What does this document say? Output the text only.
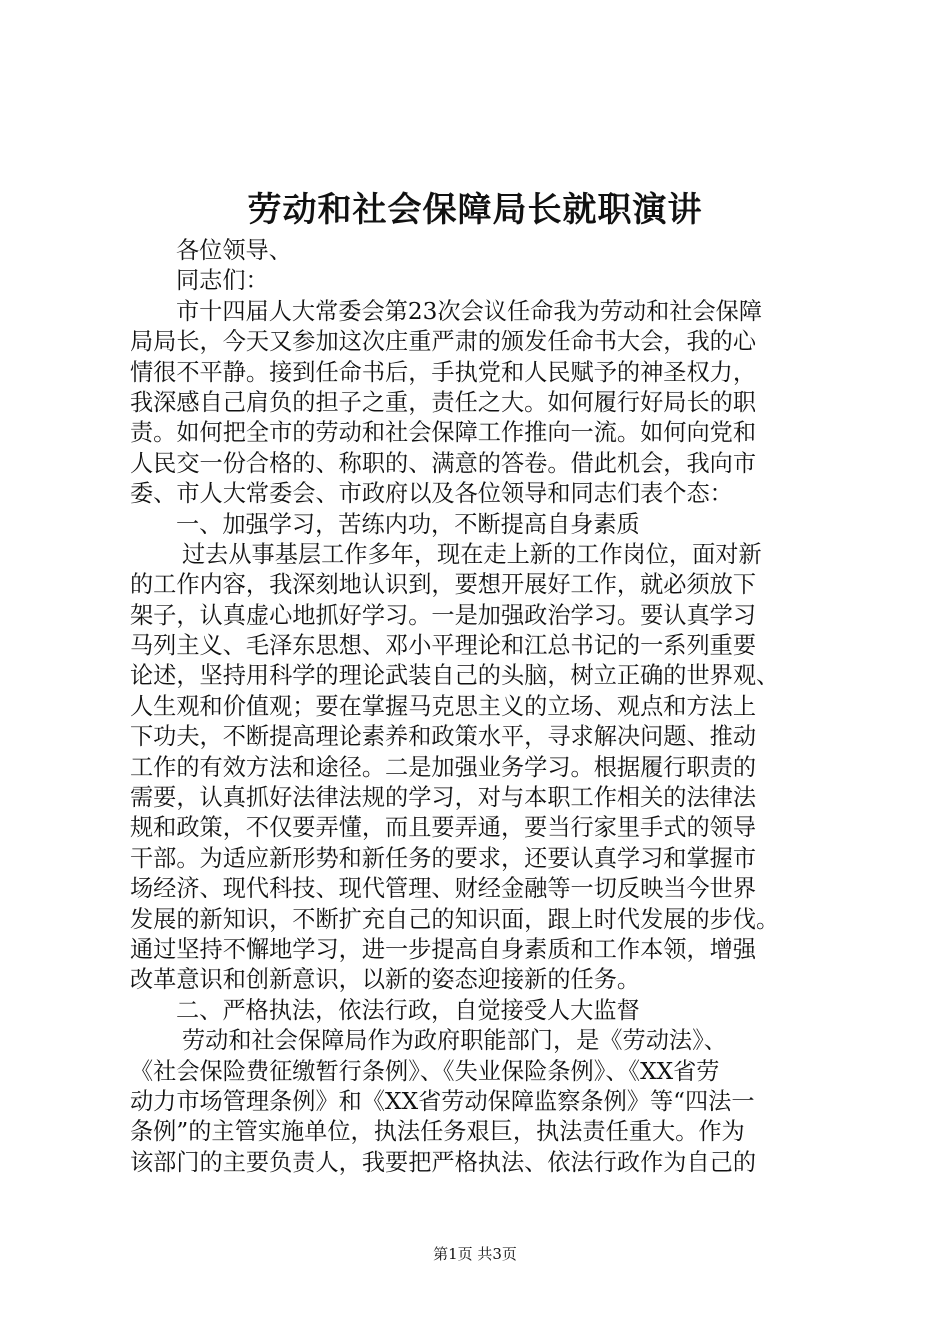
劳动和社会保障局长就职演讲
各位领导、
同志们：
市十四届人大常委会第23次会议任命我为劳动和社会保障
局局长，今天又参加这次庄重严肃的颁发任命书大会，我的心
情很不平静。接到任命书后，手执党和人民赋予的神圣权力，
我深感自己肩负的担子之重，责任之大。如何履行好局长的职
责。如何把全市的劳动和社会保障工作推向一流。如何向党和
人民交一份合格的、称职的、满意的答卷。借此机会，我向市
委、市人大常委会、市政府以及各位领导和同志们表个态：
一、加强学习，苦练内功，不断提高自身素质
过去从事基层工作多年，现在走上新的工作岗位，面对新
的工作内容，我深刻地认识到，要想开展好工作，就必须放下
架子，认真虚心地抓好学习。一是加强政治学习。要认真学习
马列主义、毛泽东思想、邓小平理论和江总书记的一系列重要
论述，坚持用科学的理论武装自己的头脑，树立正确的世界观、
人生观和价值观；要在掌握马克思主义的立场、观点和方法上
下功夫，不断提高理论素养和政策水平，寻求解决问题、推动
工作的有效方法和途径。二是加强业务学习。根据履行职责的
需要，认真抓好法律法规的学习，对与本职工作相关的法律法
规和政策，不仅要弄懂，而且要弄通，要当行家里手式的领导
干部。为适应新形势和新任务的要求，还要认真学习和掌握市
场经济、现代科技、现代管理、财经金融等一切反映当今世界
发展的新知识，不断扩充自己的知识面，跟上时代发展的步伐。
通过坚持不懈地学习，进一步提高自身素质和工作本领，增强
改革意识和创新意识，以新的姿态迎接新的任务。
二、严格执法，依法行政，自觉接受人大监督
劳动和社会保障局作为政府职能部门，是《劳动法》、
《社会保险费征缴暂行条例》、《失业保险条例》、《XX省劳
动力市场管理条例》和《XX省劳动保障监察条例》等“四法一
条例”的主管实施单位，执法任务艰巨，执法责任重大。作为
该部门的主要负责人，我要把严格执法、依法行政作为自己的
第1页 共3页
